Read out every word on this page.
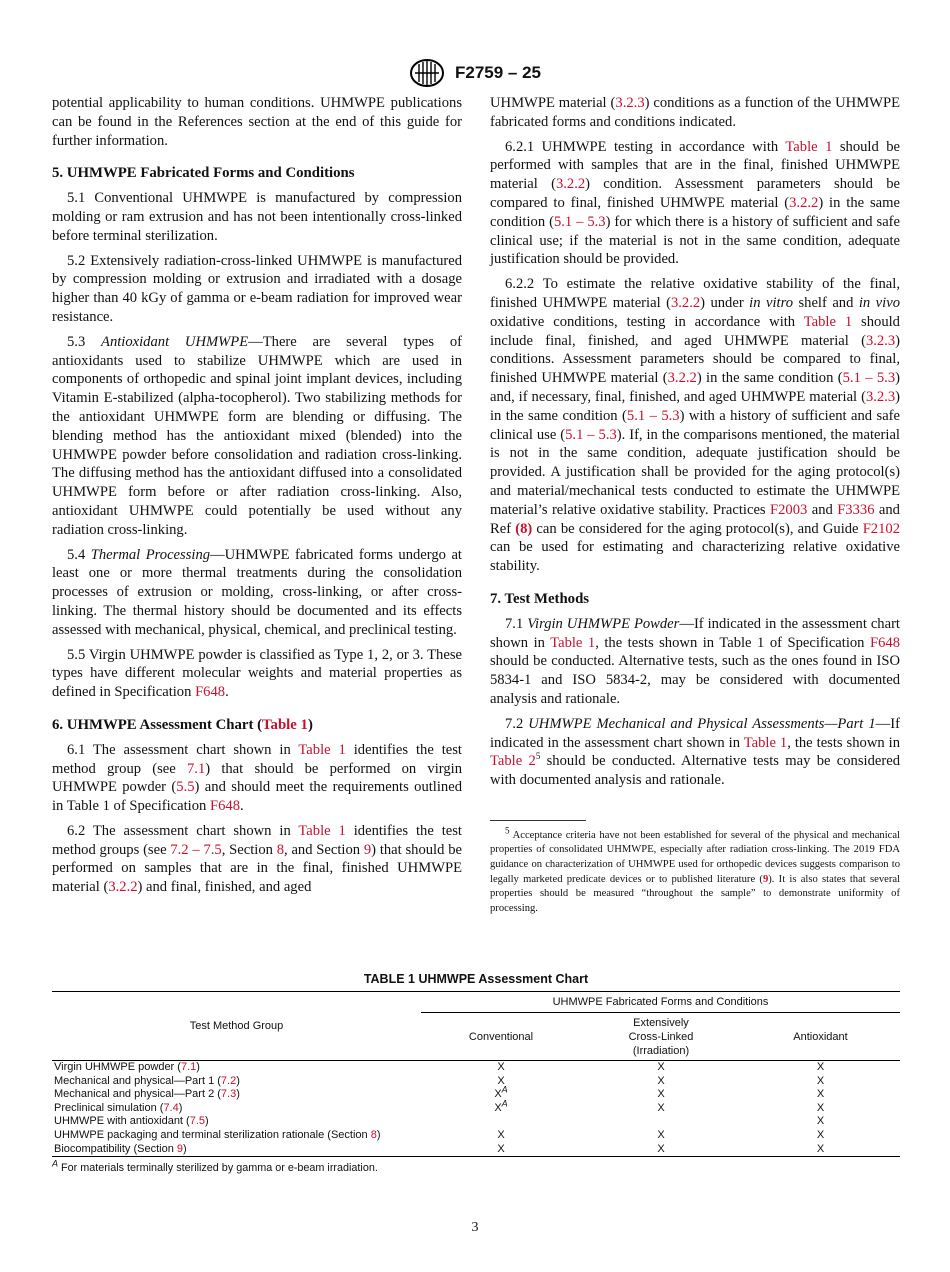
F2759 – 25

potential applicability to human conditions. UHMWPE publications can be found in the References section at the end of this guide for further information.

5. UHMWPE Fabricated Forms and Conditions

5.1 Conventional UHMWPE is manufactured by compression molding or ram extrusion and has not been intentionally cross-linked before terminal sterilization.

5.2 Extensively radiation-cross-linked UHMWPE is manufactured by compression molding or extrusion and irradiated with a dosage higher than 40 kGy of gamma or e-beam radiation for improved wear resistance.

5.3 Antioxidant UHMWPE—There are several types of antioxidants used to stabilize UHMWPE which are used in components of orthopedic and spinal joint implant devices, including Vitamin E-stabilized (alpha-tocopherol). Two stabilizing methods for the antioxidant UHMWPE form are blending or diffusing. The blending method has the antioxidant mixed (blended) into the UHMWPE powder before consolidation and radiation cross-linking. The diffusing method has the antioxidant diffused into a consolidated UHMWPE form before or after radiation cross-linking. Also, antioxidant UHMWPE could potentially be used without any radiation cross-linking.

5.4 Thermal Processing—UHMWPE fabricated forms undergo at least one or more thermal treatments during the consolidation processes of extrusion or molding, cross-linking, or after cross-linking. The thermal history should be documented and its effects assessed with mechanical, physical, chemical, and preclinical testing.

5.5 Virgin UHMWPE powder is classified as Type 1, 2, or 3. These types have different molecular weights and material properties as defined in Specification F648.

6. UHMWPE Assessment Chart (Table 1)

6.1 The assessment chart shown in Table 1 identifies the test method group (see 7.1) that should be performed on virgin UHMWPE powder (5.5) and should meet the requirements outlined in Table 1 of Specification F648.

6.2 The assessment chart shown in Table 1 identifies the test method groups (see 7.2 – 7.5, Section 8, and Section 9) that should be performed on samples that are in the final, finished UHMWPE material (3.2.2) and final, finished, and aged

UHMWPE material (3.2.3) conditions as a function of the UHMWPE fabricated forms and conditions indicated.

6.2.1 UHMWPE testing in accordance with Table 1 should be performed with samples that are in the final, finished UHMWPE material (3.2.2) condition. Assessment parameters should be compared to final, finished UHMWPE material (3.2.2) in the same condition (5.1 – 5.3) for which there is a history of sufficient and safe clinical use; if the material is not in the same condition, adequate justification should be provided.

6.2.2 To estimate the relative oxidative stability of the final, finished UHMWPE material (3.2.2) under in vitro shelf and in vivo oxidative conditions, testing in accordance with Table 1 should include final, finished, and aged UHMWPE material (3.2.3) conditions. Assessment parameters should be compared to final, finished UHMWPE material (3.2.2) in the same condition (5.1 – 5.3) and, if necessary, final, finished, and aged UHMWPE material (3.2.3) in the same condition (5.1 – 5.3) with a history of sufficient and safe clinical use (5.1 – 5.3). If, in the comparisons mentioned, the material is not in the same condition, adequate justification should be provided. A justification shall be provided for the aging protocol(s) and material/mechanical tests conducted to estimate the UHMWPE material’s relative oxidative stability. Practices F2003 and F3336 and Ref (8) can be considered for the aging protocol(s), and Guide F2102 can be used for estimating and characterizing relative oxidative stability.

7. Test Methods

7.1 Virgin UHMWPE Powder—If indicated in the assessment chart shown in Table 1, the tests shown in Table 1 of Specification F648 should be conducted. Alternative tests, such as the ones found in ISO 5834-1 and ISO 5834-2, may be considered with documented analysis and rationale.

7.2 UHMWPE Mechanical and Physical Assessments—Part 1—If indicated in the assessment chart shown in Table 1, the tests shown in Table $2^5$ should be conducted. Alternative tests may be considered with documented analysis and rationale.

$^5$ Acceptance criteria have not been established for several of the physical and mechanical properties of consolidated UHMWPE, especially after radiation cross-linking. The 2019 FDA guidance on characterization of UHMWPE used for orthopedic devices suggests comparison to legally marketed predicate devices or to published literature (9). It is also states that several properties should be measured “throughout the sample” to demonstrate uniformity of processing.

TABLE 1 UHMWPE Assessment Chart
Test Method Group	UHMWPE Fabricated Forms and Conditions		
	Conventional	Extensively
Cross-Linked
(Irradiation)	Antioxidant
Virgin UHMWPE powder (7.1)	X	X	X
Mechanical and physical—Part 1 (7.2)	X	X	X
Mechanical and physical—Part 2 (7.3)	$X^A$	X	X
Preclinical simulation (7.4)	$X^A$	X	X
UHMWPE with antioxidant (7.5)			X
UHMWPE packaging and terminal sterilization rationale (Section 8)	X	X	X
Biocompatibility (Section 9)	X	X	X
$^A$ For materials terminally sterilized by gamma or e-beam irradiation.
3
